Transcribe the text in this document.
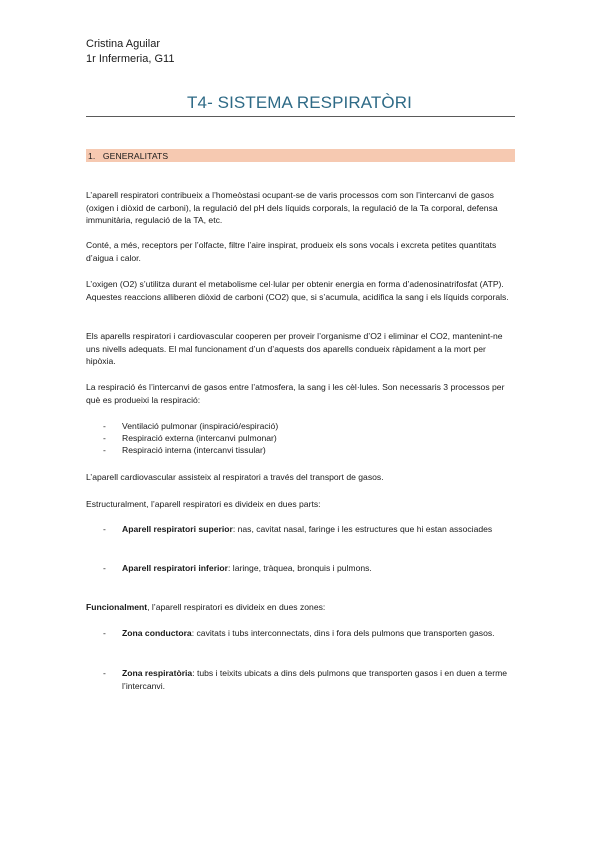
Cristina Aguilar
1r Infermeria, G11
T4- SISTEMA RESPIRATÒRI
1. GENERALITATS
L’aparell respiratori contribueix a l’homeòstasi ocupant-se de varis processos com son l’intercanvi de gasos (oxigen i diòxid de carboni), la regulació del pH dels líquids corporals, la regulació de la Ta corporal, defensa immunitària, regulació de la TA, etc.
Conté, a més, receptors per l’olfacte, filtre l’aire inspirat, produeix els sons vocals i excreta petites quantitats d’aigua i calor.
L’oxigen (O2) s’utilitza durant el metabolisme cel·lular per obtenir energia en forma d’adenosinatrifosfat (ATP). Aquestes reaccions alliberen diòxid de carboni (CO2) que, si s’acumula, acidifica la sang i els líquids corporals.
Els aparells respiratori i cardiovascular cooperen per proveir l’organisme d’O2 i eliminar el CO2, mantenint-ne uns nivells adequats. El mal funcionament d’un d’aquests dos aparells condueix ràpidament a la mort per hipòxia.
La respiració és l’intercanvi de gasos entre l’atmosfera, la sang i les cèl·lules. Son necessaris 3 processos per què es produeixi la respiració:
- Ventilació pulmonar (inspiració/espiració)
- Respiració externa (intercanvi pulmonar)
- Respiració interna (intercanvi tissular)
L’aparell cardiovascular assisteix al respiratori a través del transport de gasos.
Estructuralment, l’aparell respiratori es divideix en dues parts:
- Aparell respiratori superior: nas, cavitat nasal, faringe i les estructures que hi estan associades
- Aparell respiratori inferior: laringe, tràquea, bronquis i pulmons.
Funcionalment, l’aparell respiratori es divideix en dues zones:
- Zona conductora: cavitats i tubs interconnectats, dins i fora dels pulmons que transporten gasos.
- Zona respiratòria: tubs i teixits ubicats a dins dels pulmons que transporten gasos i en duen a terme l’intercanvi.
